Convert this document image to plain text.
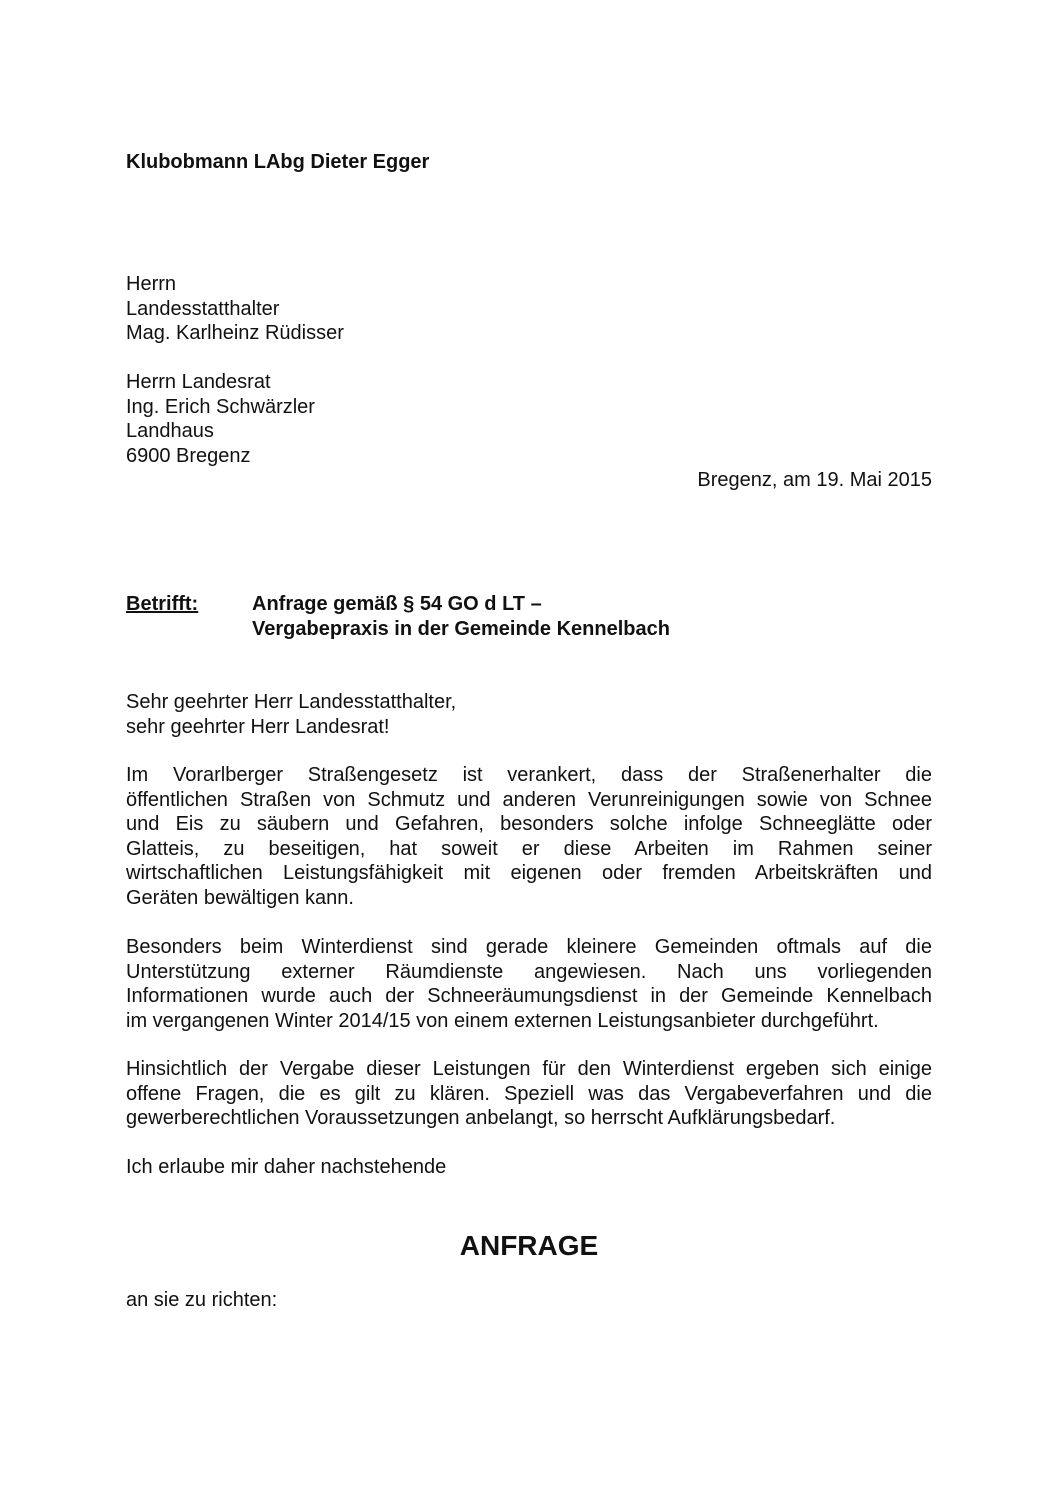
Klubobmann LAbg Dieter Egger
Herrn
Landesstatthalter
Mag. Karlheinz Rüdisser
Herrn Landesrat
Ing. Erich Schwärzler
Landhaus
6900 Bregenz
Bregenz, am 19. Mai 2015
Betrifft:	Anfrage gemäß § 54 GO d LT –
Vergabepraxis in der Gemeinde Kennelbach
Sehr geehrter Herr Landesstatthalter,
sehr geehrter Herr Landesrat!
Im Vorarlberger Straßengesetz ist verankert, dass der Straßenerhalter die
öffentlichen Straßen von Schmutz und anderen Verunreinigungen sowie von Schnee
und Eis zu säubern und Gefahren, besonders solche infolge Schneeglätte oder
Glatteis, zu beseitigen, hat soweit er diese Arbeiten im Rahmen seiner
wirtschaftlichen Leistungsfähigkeit mit eigenen oder fremden Arbeitskräften und
Geräten bewältigen kann.
Besonders beim Winterdienst sind gerade kleinere Gemeinden oftmals auf die
Unterstützung externer Räumdienste angewiesen. Nach uns vorliegenden
Informationen wurde auch der Schneeräumungsdienst in der Gemeinde Kennelbach
im vergangenen Winter 2014/15 von einem externen Leistungsanbieter durchgeführt.
Hinsichtlich der Vergabe dieser Leistungen für den Winterdienst ergeben sich einige
offene Fragen, die es gilt zu klären. Speziell was das Vergabeverfahren und die
gewerberechtlichen Voraussetzungen anbelangt, so herrscht Aufklärungsbedarf.
Ich erlaube mir daher nachstehende
ANFRAGE
an sie zu richten:
